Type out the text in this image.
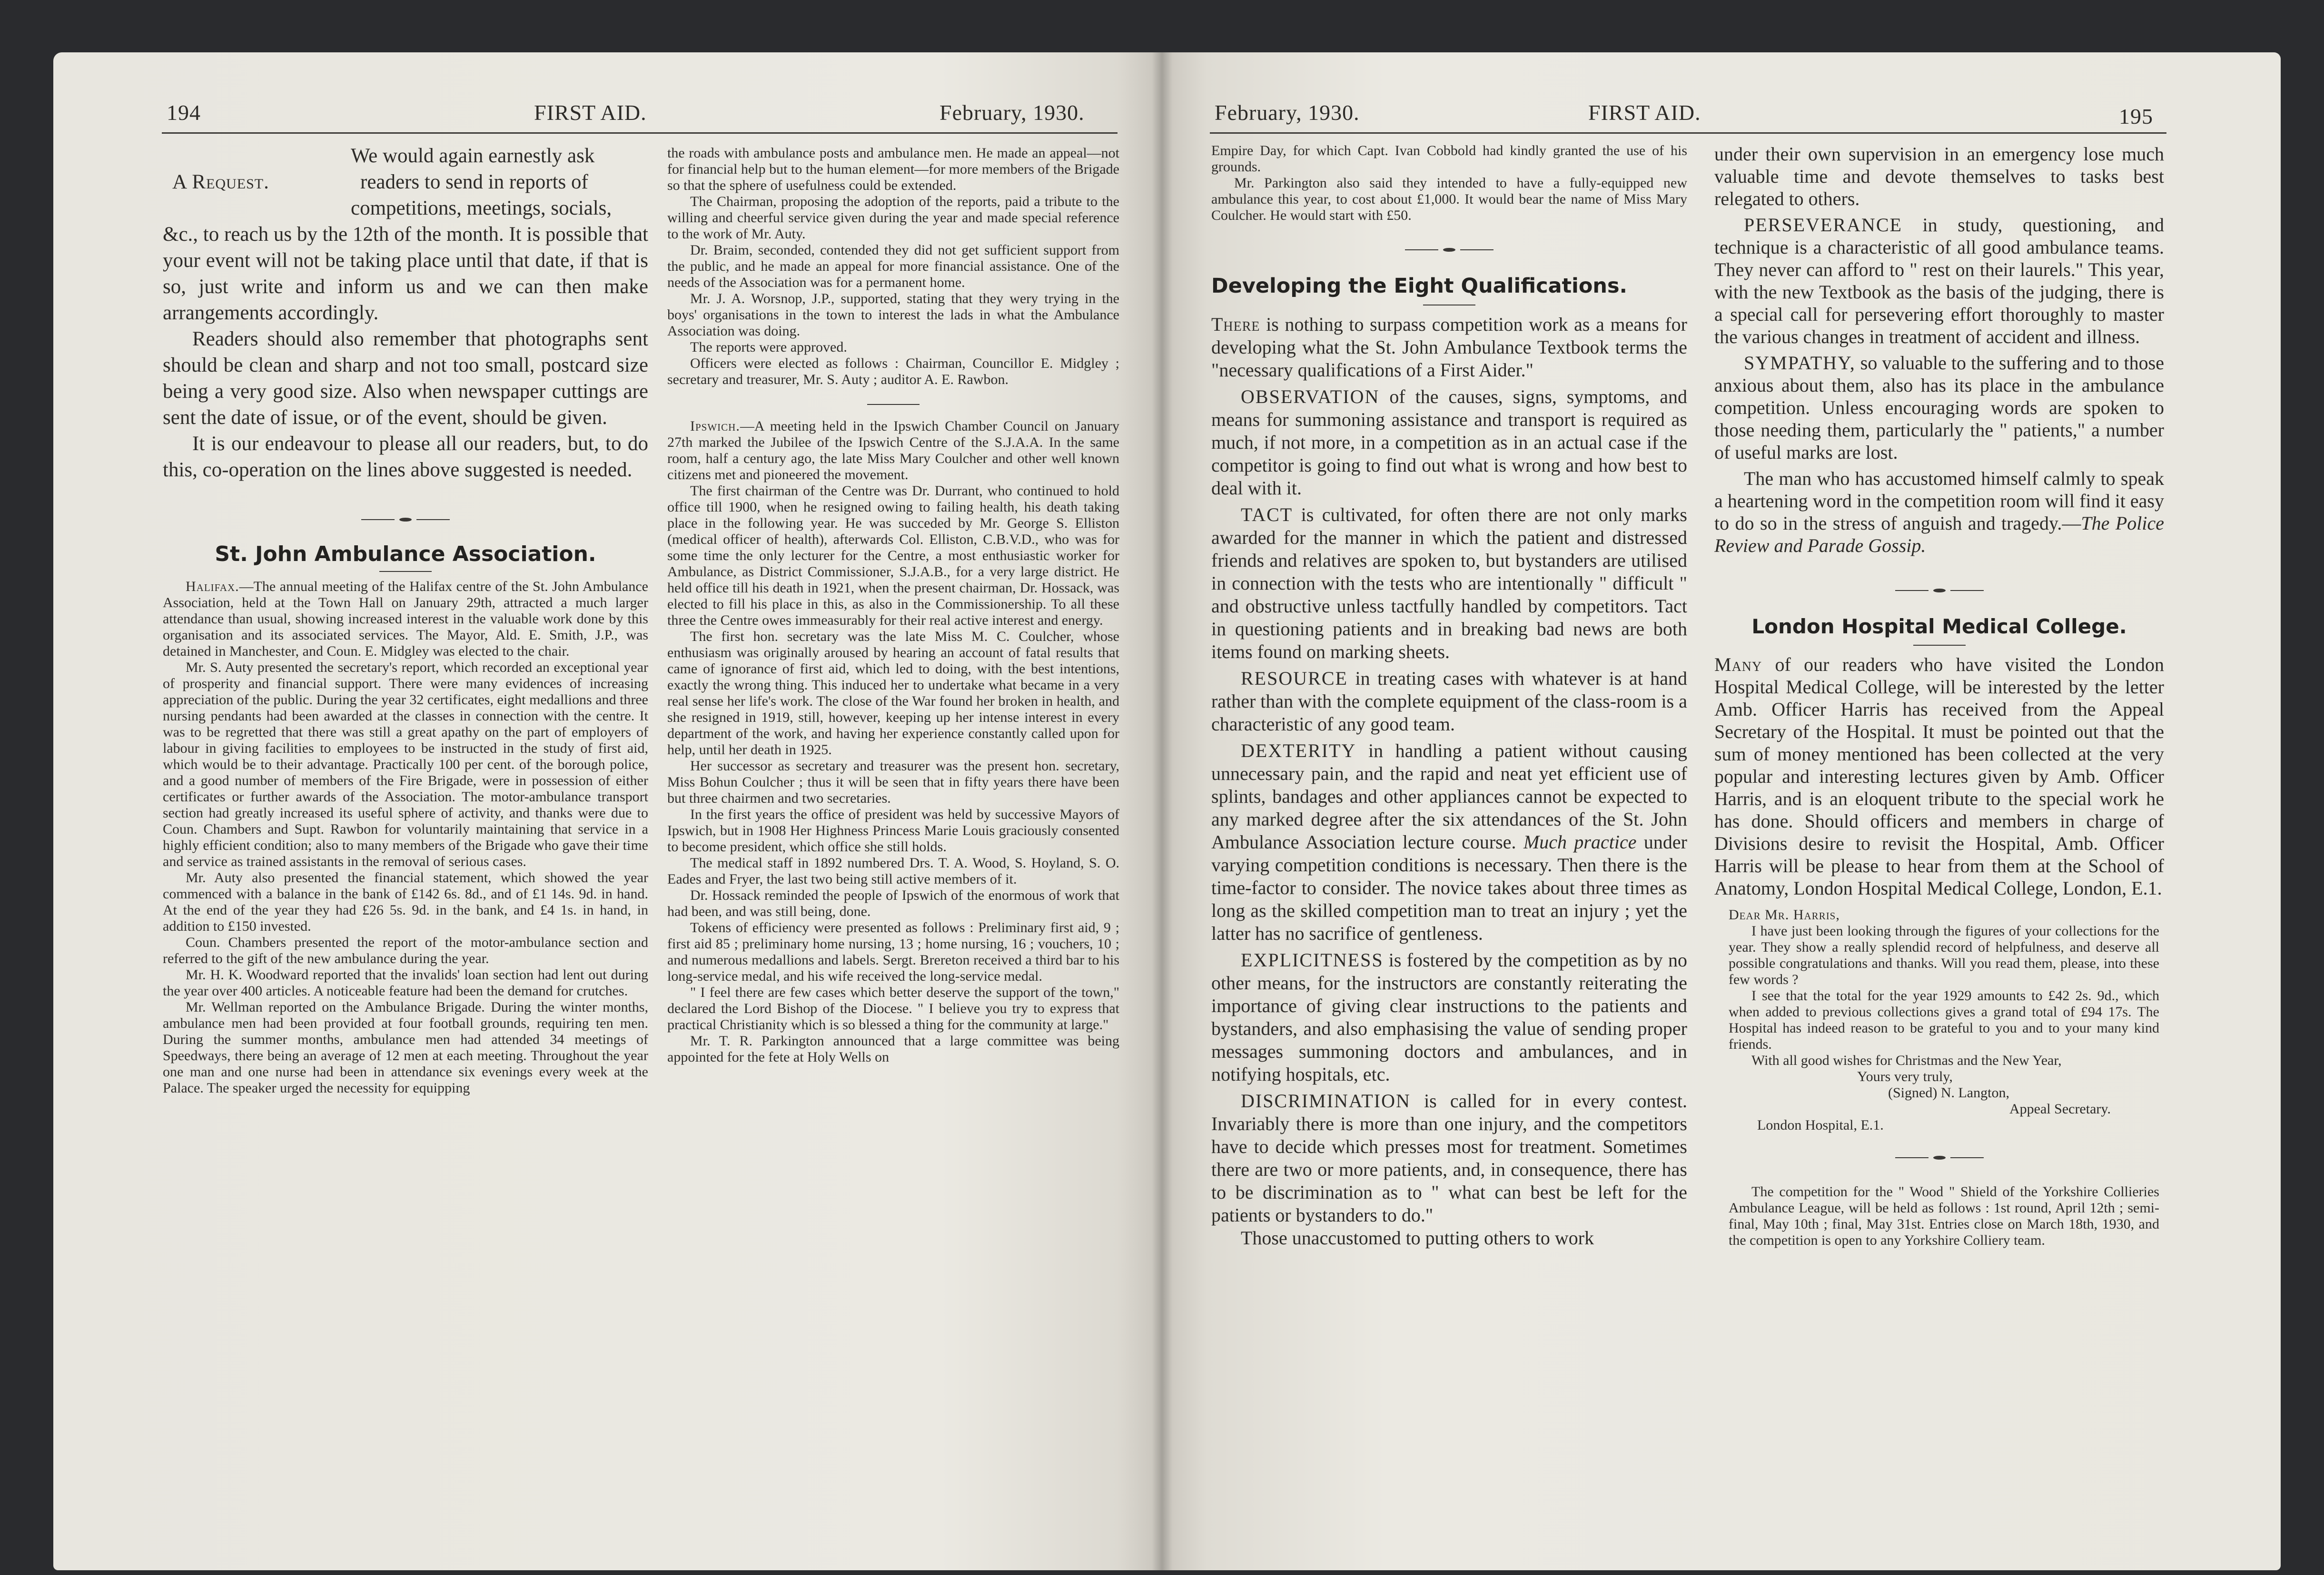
194	FIRST AID.	February, 1930.
We would again earnestly ask
A Request.	readers to send in reports of
competitions, meetings, socials,

&c., to reach us by the 12th of the month. It is possible that your event will not be taking place until that date, if that is so, just write and inform us and we can then make arrangements accordingly.

Readers should also remember that photographs sent should be clean and sharp and not too small, postcard size being a very good size. Also when newspaper cuttings are sent the date of issue, or of the event, should be given.

It is our endeavour to please all our readers, but, to do this, co-operation on the lines above suggested is needed.

St. John Ambulance Association.

Halifax.—The annual meeting of the Halifax centre of the St. John Ambulance Association, held at the Town Hall on January 29th, attracted a much larger attendance than usual, showing increased interest in the valuable work done by this organisation and its associated services. The Mayor, Ald. E. Smith, J.P., was detained in Manchester, and Coun. E. Midgley was elected to the chair.

Mr. S. Auty presented the secretary's report, which recorded an exceptional year of prosperity and financial support. There were many evidences of increasing appreciation of the public. During the year 32 certificates, eight medallions and three nursing pendants had been awarded at the classes in connection with the centre. It was to be regretted that there was still a great apathy on the part of employers of labour in giving facilities to employees to be instructed in the study of first aid, which would be to their advantage. Practically 100 per cent. of the borough police, and a good number of members of the Fire Brigade, were in possession of either certificates or further awards of the Association. The motor-ambulance transport section had greatly increased its useful sphere of activity, and thanks were due to Coun. Chambers and Supt. Rawbon for voluntarily maintaining that service in a highly efficient condition; also to many members of the Brigade who gave their time and service as trained assistants in the removal of serious cases.

Mr. Auty also presented the financial statement, which showed the year commenced with a balance in the bank of £142 6s. 8d., and of £1 14s. 9d. in hand. At the end of the year they had £26 5s. 9d. in the bank, and £4 1s. in hand, in addition to £150 invested.

Coun. Chambers presented the report of the motor-ambulance section and referred to the gift of the new ambulance during the year.

Mr. H. K. Woodward reported that the invalids' loan section had lent out during the year over 400 articles. A noticeable feature had been the demand for crutches.

Mr. Wellman reported on the Ambulance Brigade. During the winter months, ambulance men had been provided at four football grounds, requiring ten men. During the summer months, ambulance men had attended 34 meetings of Speedways, there being an average of 12 men at each meeting. Throughout the year one man and one nurse had been in attendance six evenings every week at the Palace. The speaker urged the necessity for equipping

the roads with ambulance posts and ambulance men. He made an appeal—not for financial help but to the human element—for more members of the Brigade so that the sphere of usefulness could be extended.

The Chairman, proposing the adoption of the reports, paid a tribute to the willing and cheerful service given during the year and made special reference to the work of Mr. Auty.

Dr. Braim, seconded, contended they did not get sufficient support from the public, and he made an appeal for more financial assistance. One of the needs of the Association was for a permanent home.

Mr. J. A. Worsnop, J.P., supported, stating that they wery trying in the boys' organisations in the town to interest the lads in what the Ambulance Association was doing.

The reports were approved.

Officers were elected as follows : Chairman, Councillor E. Midgley ; secretary and treasurer, Mr. S. Auty ; auditor A. E. Rawbon.

Ipswich.—A meeting held in the Ipswich Chamber Council on January 27th marked the Jubilee of the Ipswich Centre of the S.J.A.A. In the same room, half a century ago, the late Miss Mary Coulcher and other well known citizens met and pioneered the movement.

The first chairman of the Centre was Dr. Durrant, who continued to hold office till 1900, when he resigned owing to failing health, his death taking place in the following year. He was succeded by Mr. George S. Elliston (medical officer of health), afterwards Col. Elliston, C.B.V.D., who was for some time the only lecturer for the Centre, a most enthusiastic worker for Ambulance, as District Commissioner, S.J.A.B., for a very large district. He held office till his death in 1921, when the present chairman, Dr. Hossack, was elected to fill his place in this, as also in the Commissionership. To all these three the Centre owes immeasurably for their real active interest and energy.

The first hon. secretary was the late Miss M. C. Coulcher, whose enthusiasm was originally aroused by hearing an account of fatal results that came of ignorance of first aid, which led to doing, with the best intentions, exactly the wrong thing. This induced her to undertake what became in a very real sense her life's work. The close of the War found her broken in health, and she resigned in 1919, still, however, keeping up her intense interest in every department of the work, and having her experience constantly called upon for help, until her death in 1925.

Her successor as secretary and treasurer was the present hon. secretary, Miss Bohun Coulcher ; thus it will be seen that in fifty years there have been but three chairmen and two secretaries.

In the first years the office of president was held by successive Mayors of Ipswich, but in 1908 Her Highness Princess Marie Louis graciously consented to become president, which office she still holds.

The medical staff in 1892 numbered Drs. T. A. Wood, S. Hoyland, S. O. Eades and Fryer, the last two being still active members of it.

Dr. Hossack reminded the people of Ipswich of the enormous of work that had been, and was still being, done.

Tokens of efficiency were presented as follows : Preliminary first aid, 9 ; first aid 85 ; preliminary home nursing, 13 ; home nursing, 16 ; vouchers, 10 ; and numerous medallions and labels. Sergt. Brereton received a third bar to his long-service medal, and his wife received the long-service medal.

" I feel there are few cases which better deserve the support of the town," declared the Lord Bishop of the Diocese. " I believe you try to express that practical Christianity which is so blessed a thing for the community at large."

Mr. T. R. Parkington announced that a large committee was being appointed for the fete at Holy Wells on

February, 1930.	FIRST AID.	195

Empire Day, for which Capt. Ivan Cobbold had kindly granted the use of his grounds.

Mr. Parkington also said they intended to have a fully-equipped new ambulance this year, to cost about £1,000. It would bear the name of Miss Mary Coulcher. He would start with £50.

Developing the Eight Qualifications.

There is nothing to surpass competition work as a means for developing what the St. John Ambulance Textbook terms the "necessary qualifications of a First Aider."

OBSERVATION of the causes, signs, symptoms, and means for summoning assistance and transport is required as much, if not more, in a competition as in an actual case if the competitor is going to find out what is wrong and how best to deal with it.

TACT is cultivated, for often there are not only marks awarded for the manner in which the patient and distressed friends and relatives are spoken to, but bystanders are utilised in connection with the tests who are intentionally " difficult " and obstructive unless tactfully handled by competitors. Tact in questioning patients and in breaking bad news are both items found on marking sheets.

RESOURCE in treating cases with whatever is at hand rather than with the complete equipment of the class-room is a characteristic of any good team.

DEXTERITY in handling a patient without causing unnecessary pain, and the rapid and neat yet efficient use of splints, bandages and other appliances cannot be expected to any marked degree after the six attendances of the St. John Ambulance Association lecture course. Much practice under varying competition conditions is necessary. Then there is the time-factor to consider. The novice takes about three times as long as the skilled competition man to treat an injury ; yet the latter has no sacrifice of gentleness.

EXPLICITNESS is fostered by the competition as by no other means, for the instructors are constantly reiterating the importance of giving clear instructions to the patients and bystanders, and also emphasising the value of sending proper messages summoning doctors and ambulances, and in notifying hospitals, etc.

DISCRIMINATION is called for in every contest. Invariably there is more than one injury, and the competitors have to decide which presses most for treatment. Sometimes there are two or more patients, and, in consequence, there has to be discrimination as to " what can best be left for the patients or bystanders to do."

Those unaccustomed to putting others to work

under their own supervision in an emergency lose much valuable time and devote themselves to tasks best relegated to others.

PERSEVERANCE in study, questioning, and technique is a characteristic of all good ambulance teams. They never can afford to " rest on their laurels." This year, with the new Textbook as the basis of the judging, there is a special call for persevering effort thoroughly to master the various changes in treatment of accident and illness.

SYMPATHY, so valuable to the suffering and to those anxious about them, also has its place in the ambulance competition. Unless encouraging words are spoken to those needing them, particularly the " patients," a number of useful marks are lost.

The man who has accustomed himself calmly to speak a heartening word in the competition room will find it easy to do so in the stress of anguish and tragedy.—The Police Review and Parade Gossip.

London Hospital Medical College.

Many of our readers who have visited the London Hospital Medical College, will be interested by the letter Amb. Officer Harris has received from the Appeal Secretary of the Hospital. It must be pointed out that the sum of money mentioned has been collected at the very popular and interesting lectures given by Amb. Officer Harris, and is an eloquent tribute to the special work he has done. Should officers and members in charge of Divisions desire to revisit the Hospital, Amb. Officer Harris will be please to hear from them at the School of Anatomy, London Hospital Medical College, London, E.1.

Dear Mr. Harris,

I have just been looking through the figures of your collections for the year. They show a really splendid record of helpfulness, and deserve all possible congratulations and thanks. Will you read them, please, into these few words ?

I see that the total for the year 1929 amounts to £42 2s. 9d., which when added to previous collections gives a grand total of £94 17s. The Hospital has indeed reason to be grateful to you and to your many kind friends.

With all good wishes for Christmas and the New Year,

Yours very truly,
(Signed) N. Langton,
Appeal Secretary.
London Hospital, E.1.

The competition for the " Wood " Shield of the Yorkshire Collieries Ambulance League, will be held as follows : 1st round, April 12th ; semi-final, May 10th ; final, May 31st. Entries close on March 18th, 1930, and the competition is open to any Yorkshire Colliery team.
